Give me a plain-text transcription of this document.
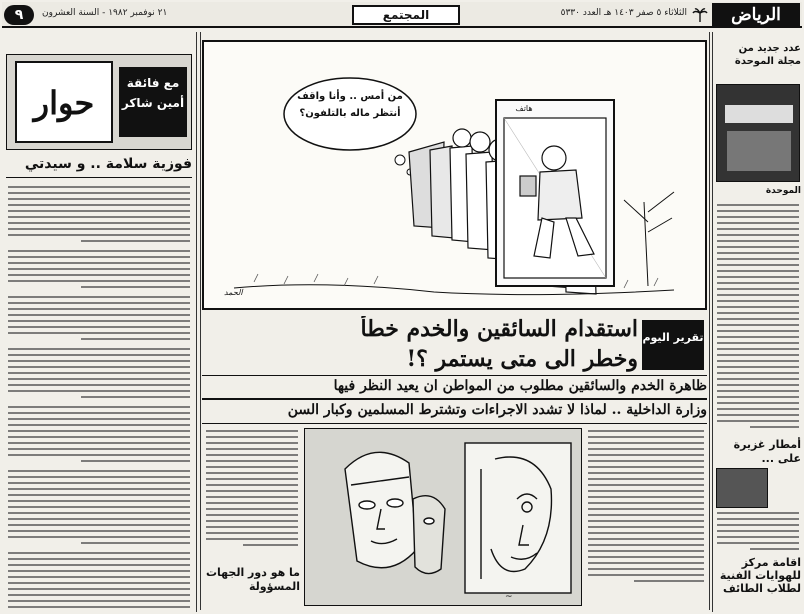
٩	٢١ نوفمبر ١٩٨٢ - السنة العشرون	المجتمع	الثلاثاء ٥ صفر ١٤٠٣ هـ العدد ٥٣٣٠	الرياض
حوار
مع فائقة أمين شاكر
فوزية سلامة .. و سيدتي
عدد جديد من مجلة الموحدة
الموحدة
أمطار غزيرة على ...
اقامة مركز للهوايات الفنية لطلاب الطائف
من أمس .. وأنا واقف أنتظر ماله بالتلفون؟	هاتف
الحمد
استقدام السائقين والخدم خطأ
وخطر الى متى يستمر ؟!
تقرير اليوم
ظاهرة الخدم والسائقين مطلوب من المواطن ان يعيد النظر فيها
وزارة الداخلية .. لماذا لا تشدد الاجراءات وتشترط المسلمين وكبار السن
ما هو دور الجهات المسؤولة
~
